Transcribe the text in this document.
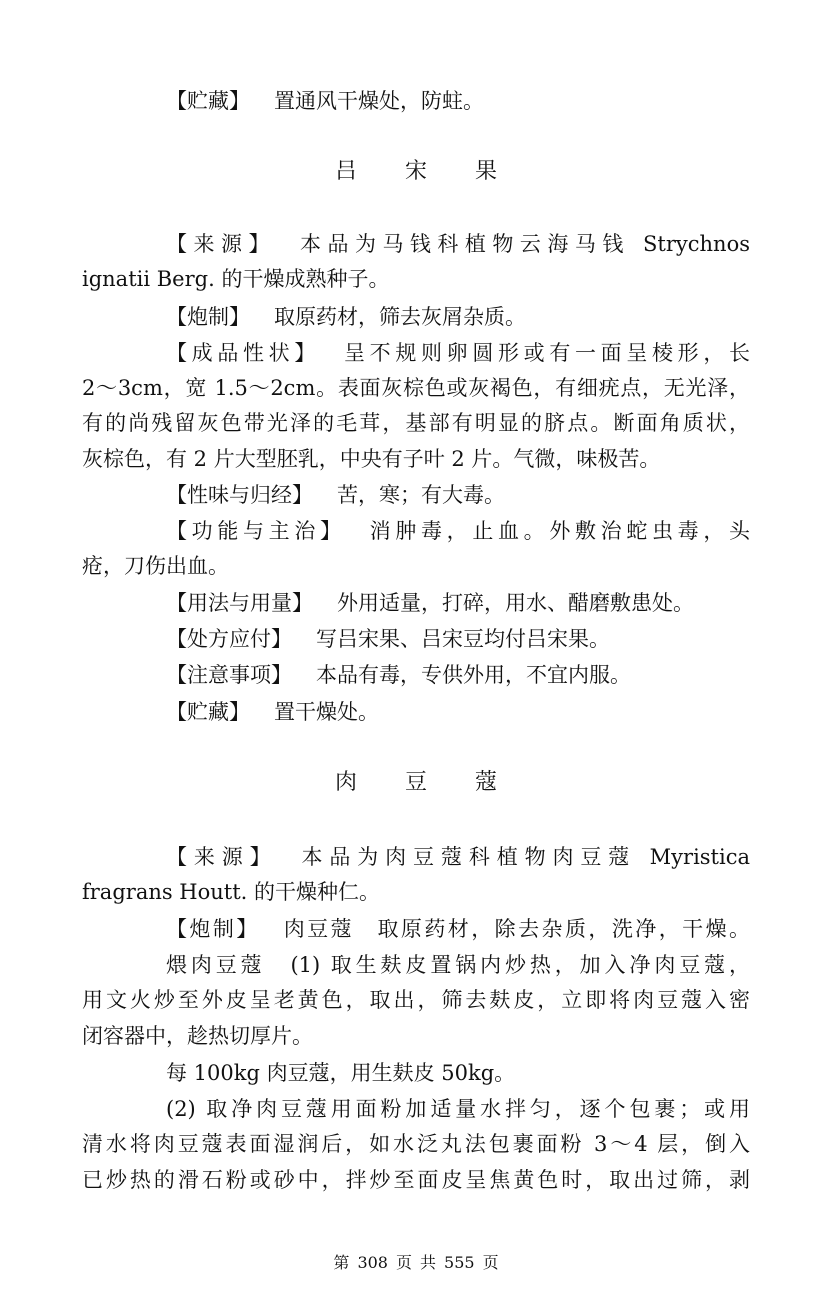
【贮藏】 置通风干燥处，防蛀。
吕 宋 果
【来源】 本品为马钱科植物云海马钱 Strychnos
ignatii Berg. 的干燥成熟种子。
【炮制】 取原药材，筛去灰屑杂质。
【成品性状】 呈不规则卵圆形或有一面呈棱形，长
2～3cm，宽 1.5～2cm。表面灰棕色或灰褐色，有细疣点，无光泽，
有的尚残留灰色带光泽的毛茸，基部有明显的脐点。断面角质状，
灰棕色，有 2 片大型胚乳，中央有子叶 2 片。气微，味极苦。
【性味与归经】 苦，寒；有大毒。
【功能与主治】 消肿毒，止血。外敷治蛇虫毒，头
疮，刀伤出血。
【用法与用量】 外用适量，打碎，用水、醋磨敷患处。
【处方应付】 写吕宋果、吕宋豆均付吕宋果。
【注意事项】 本品有毒，专供外用，不宜内服。
【贮藏】 置干燥处。
肉 豆 蔻
【来源】 本品为肉豆蔻科植物肉豆蔻 Myristica
fragrans Houtt. 的干燥种仁。
【炮制】 肉豆蔻　取原药材，除去杂质，洗净，干燥。
煨肉豆蔻　(1) 取生麸皮置锅内炒热，加入净肉豆蔻，
用文火炒至外皮呈老黄色，取出，筛去麸皮，立即将肉豆蔻入密
闭容器中，趁热切厚片。
每 100kg 肉豆蔻，用生麸皮 50kg。
(2) 取净肉豆蔻用面粉加适量水拌匀，逐个包裹；或用
清水将肉豆蔻表面湿润后，如水泛丸法包裹面粉 3～4 层，倒入
已炒热的滑石粉或砂中，拌炒至面皮呈焦黄色时，取出过筛，剥
第 308 页 共 555 页
